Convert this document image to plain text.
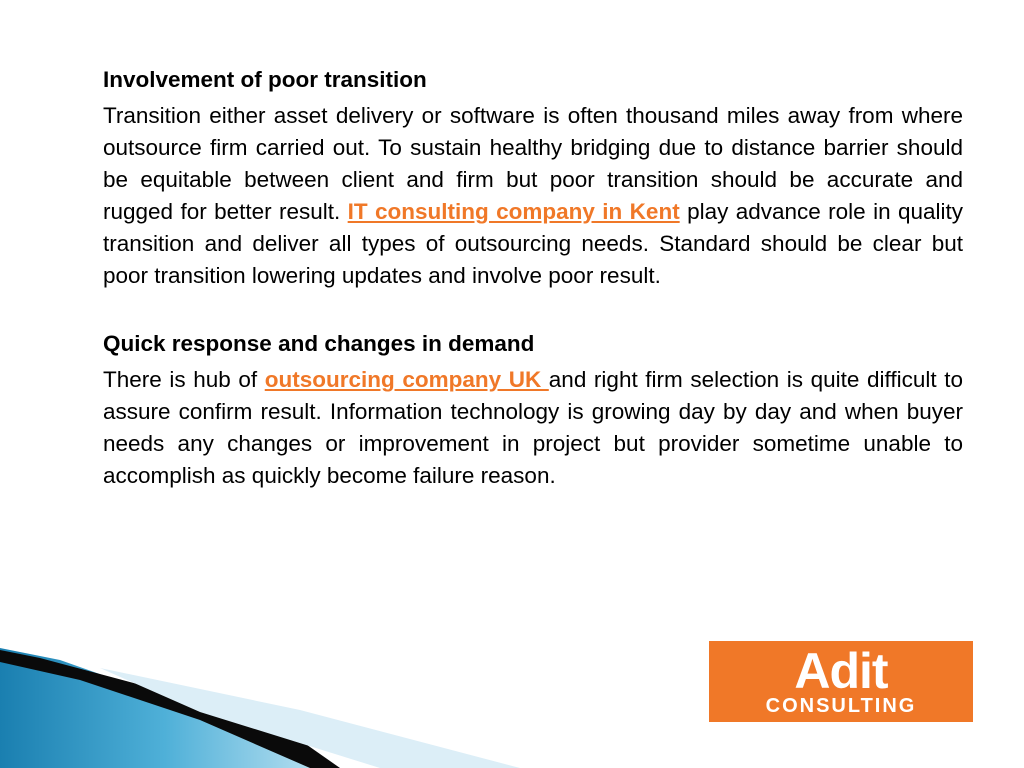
Involvement of poor transition
Transition either asset delivery or software is often thousand miles away from where outsource firm carried out. To sustain healthy bridging due to distance barrier should be equitable between client and firm but poor transition should be accurate and rugged for better result. IT consulting company in Kent play advance role in quality transition and deliver all types of outsourcing needs. Standard should be clear but poor transition lowering updates and involve poor result.
Quick response and changes in demand
There is hub of outsourcing company UK and right firm selection is quite difficult to assure confirm result. Information technology is growing day by day and when buyer needs any changes or improvement in project but provider sometime unable to accomplish as quickly become failure reason.
Adit
CONSULTING
